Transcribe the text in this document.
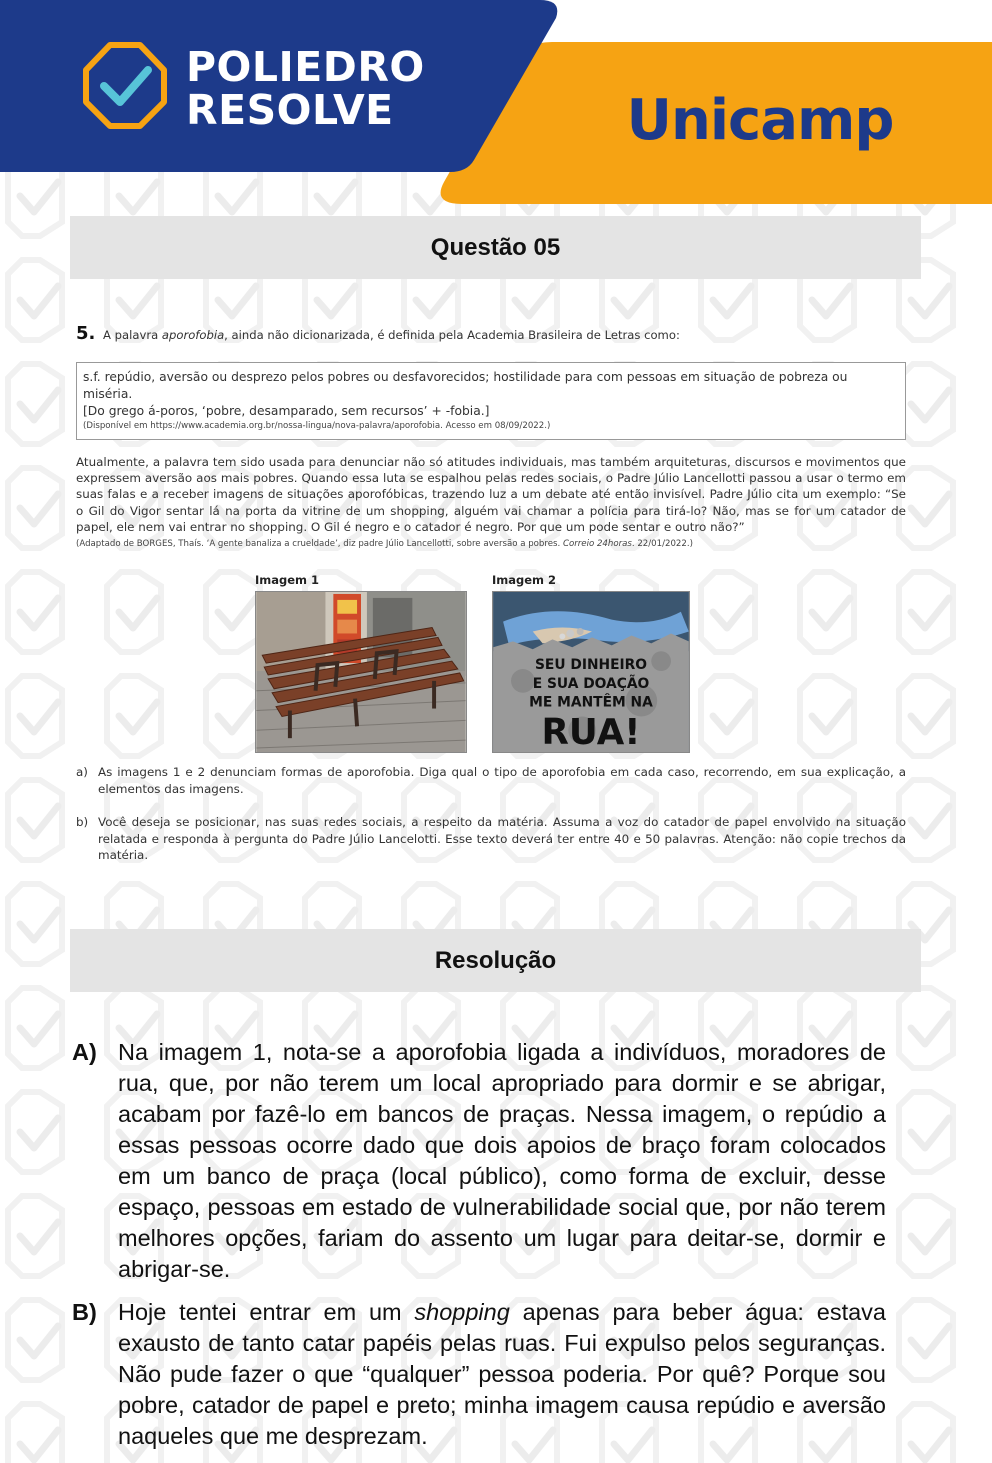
POLIEDRO
RESOLVE	Unicamp
Questão 05
5. A palavra aporofobia, ainda não dicionarizada, é definida pela Academia Brasileira de Letras como:
s.f. repúdio, aversão ou desprezo pelos pobres ou desfavorecidos; hostilidade para com pessoas em situação de pobreza ou miséria.
[Do grego á-poros, ‘pobre, desamparado, sem recursos’ + -fobia.]
(Disponível em https://www.academia.org.br/nossa-lingua/nova-palavra/aporofobia. Acesso em 08/09/2022.)
Atualmente, a palavra tem sido usada para denunciar não só atitudes individuais, mas também arquiteturas, discursos e movimentos que expressem aversão aos mais pobres. Quando essa luta se espalhou pelas redes sociais, o Padre Júlio Lancellotti passou a usar o termo em suas falas e a receber imagens de situações aporofóbicas, trazendo luz a um debate até então invisível. Padre Júlio cita um exemplo: “Se o Gil do Vigor sentar lá na porta da vitrine de um shopping, alguém vai chamar a polícia para tirá-lo? Não, mas se for um catador de papel, ele nem vai entrar no shopping. O Gil é negro e o catador é negro. Por que um pode sentar e outro não?”
(Adaptado de BORGES, Thaís. ‘A gente banaliza a crueldade’, diz padre Júlio Lancellotti, sobre aversão a pobres. Correio 24horas. 22/01/2022.)
Imagem 1	Imagem 2
SEU DINHEIRO
E SUA DOAÇÃO
ME MANTÊM NA
RUA!
a) As imagens 1 e 2 denunciam formas de aporofobia. Diga qual o tipo de aporofobia em cada caso, recorrendo, em sua explicação, a elementos das imagens.
b) Você deseja se posicionar, nas suas redes sociais, a respeito da matéria. Assuma a voz do catador de papel envolvido na situação relatada e responda à pergunta do Padre Júlio Lancelotti. Esse texto deverá ter entre 40 e 50 palavras. Atenção: não copie trechos da matéria.
Resolução
A) Na imagem 1, nota-se a aporofobia ligada a indivíduos, moradores de rua, que, por não terem um local apropriado para dormir e se abrigar, acabam por fazê-lo em bancos de praças. Nessa imagem, o repúdio a essas pessoas ocorre dado que dois apoios de braço foram colocados em um banco de praça (local público), como forma de excluir, desse espaço, pessoas em estado de vulnerabilidade social que, por não terem melhores opções, fariam do assento um lugar para deitar-se, dormir e abrigar-se.
B) Hoje tentei entrar em um shopping apenas para beber água: estava exausto de tanto catar papéis pelas ruas. Fui expulso pelos seguranças. Não pude fazer o que “qualquer” pessoa poderia. Por quê? Porque sou pobre, catador de papel e preto; minha imagem causa repúdio e aversão naqueles que me desprezam.
